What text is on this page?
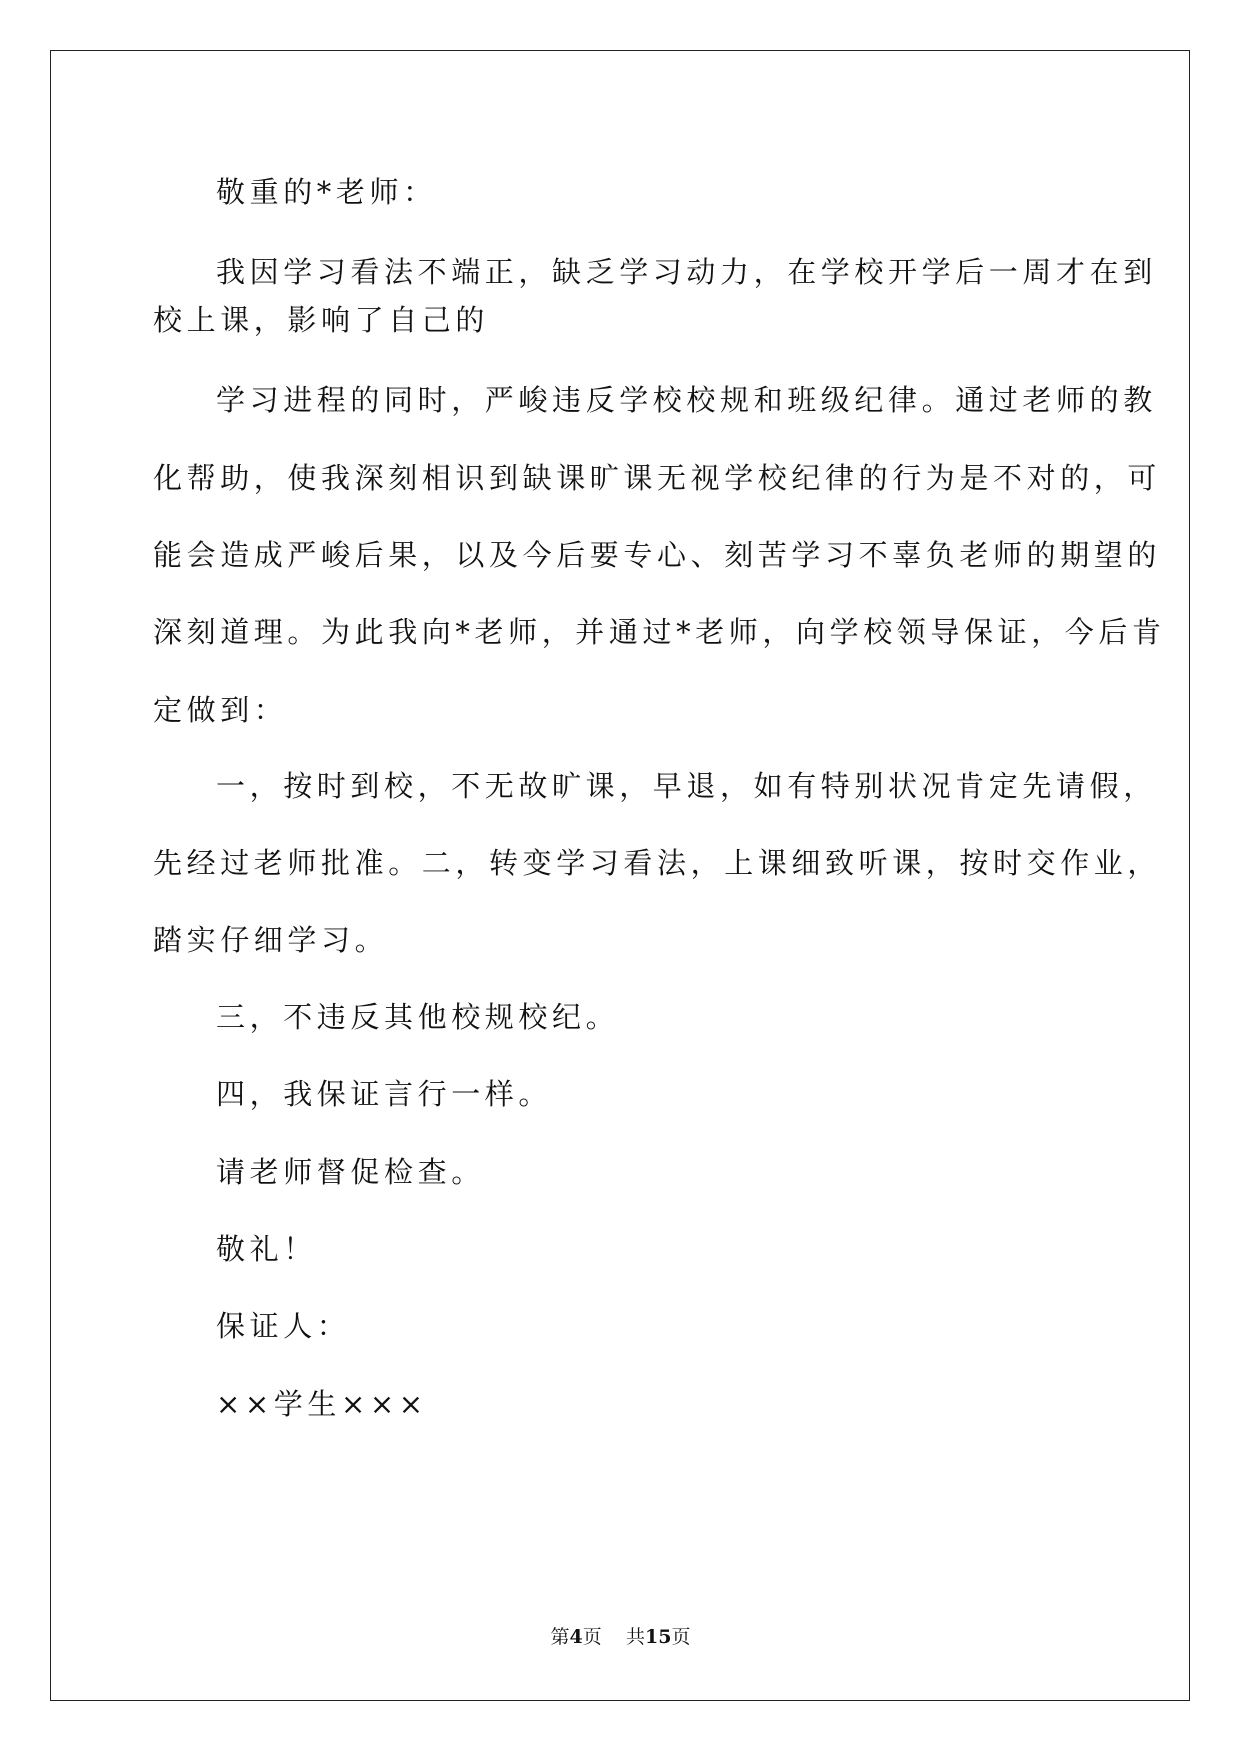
敬重的*老师：
我因学习看法不端正，缺乏学习动力，在学校开学后一周才在到
校上课，影响了自己的
学习进程的同时，严峻违反学校校规和班级纪律。通过老师的教
化帮助，使我深刻相识到缺课旷课无视学校纪律的行为是不对的，可
能会造成严峻后果，以及今后要专心、刻苦学习不辜负老师的期望的
深刻道理。为此我向*老师，并通过*老师，向学校领导保证，今后肯
定做到：
一，按时到校，不无故旷课，早退，如有特别状况肯定先请假，
先经过老师批准。二，转变学习看法，上课细致听课，按时交作业，
踏实仔细学习。
三，不违反其他校规校纪。
四，我保证言行一样。
请老师督促检查。
敬礼！
保证人：
××学生×××
第4页 共15页
